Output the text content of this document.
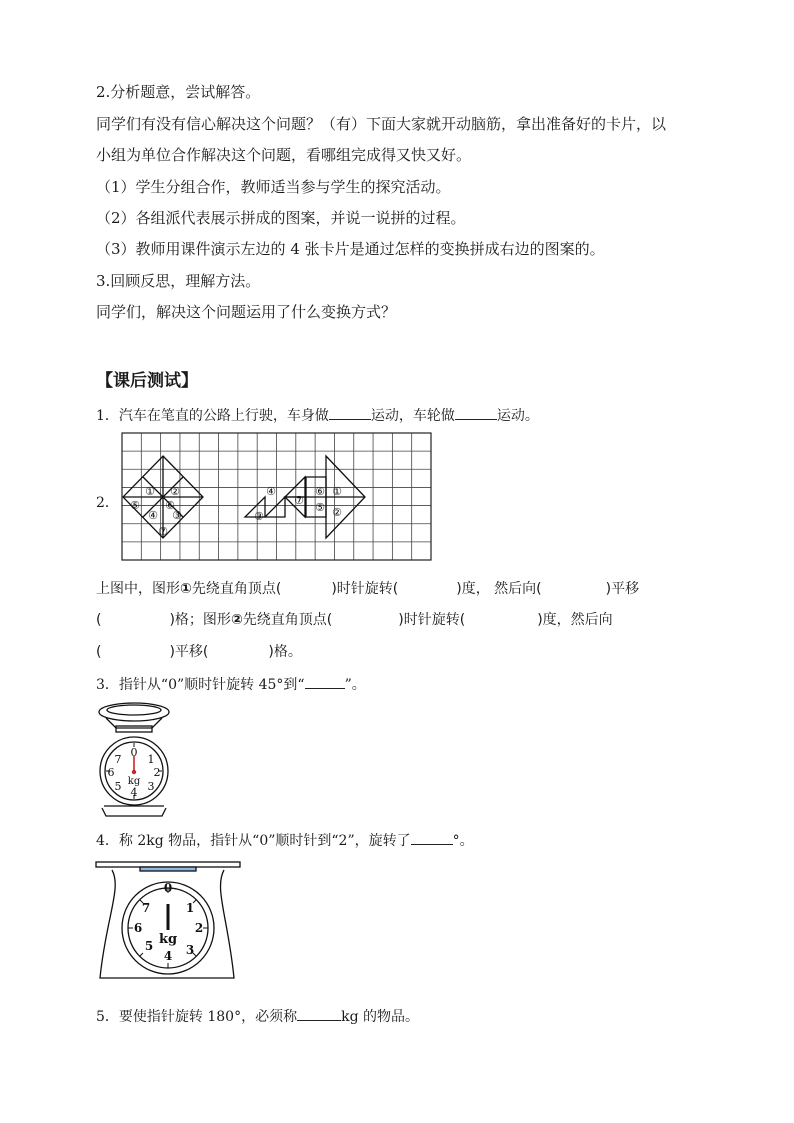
2.分析题意，尝试解答。
同学们有没有信心解决这个问题？（有）下面大家就开动脑筋，拿出准备好的卡片，以
小组为单位合作解决这个问题，看哪组完成得又快又好。
（1）学生分组合作，教师适当参与学生的探究活动。
（2）各组派代表展示拼成的图案，并说一说拼的过程。
（3）教师用课件演示左边的 4 张卡片是通过怎样的变换拼成右边的图案的。
3.回顾反思，理解方法。
同学们，解决这个问题运用了什么变换方式？
【课后测试】
1．汽车在笔直的公路上行驶，车身做	运动，车轮做	运动。
2．
① ②
⑤ ⑥
④ ③
⑦
④
⑦
③
⑥ ①
⑤ ②
上图中，图形①先绕直角顶点(	)时针旋转(	)度， 然后向(	)平移
(	)格；图形②先绕直角顶点(	)时针旋转(	)度，然后向
(	)平移(	)格。
3．指针从“0”顺时针旋转 45°到“	”。
0
1
2
3
4
5
6
7
kg
4．称 2kg 物品，指针从“0”顺时针到“2”，旋转了	°。
0
1
2
3
4
5
6
7
kg
5．要使指针旋转 180°，必须称	kg 的物品。
